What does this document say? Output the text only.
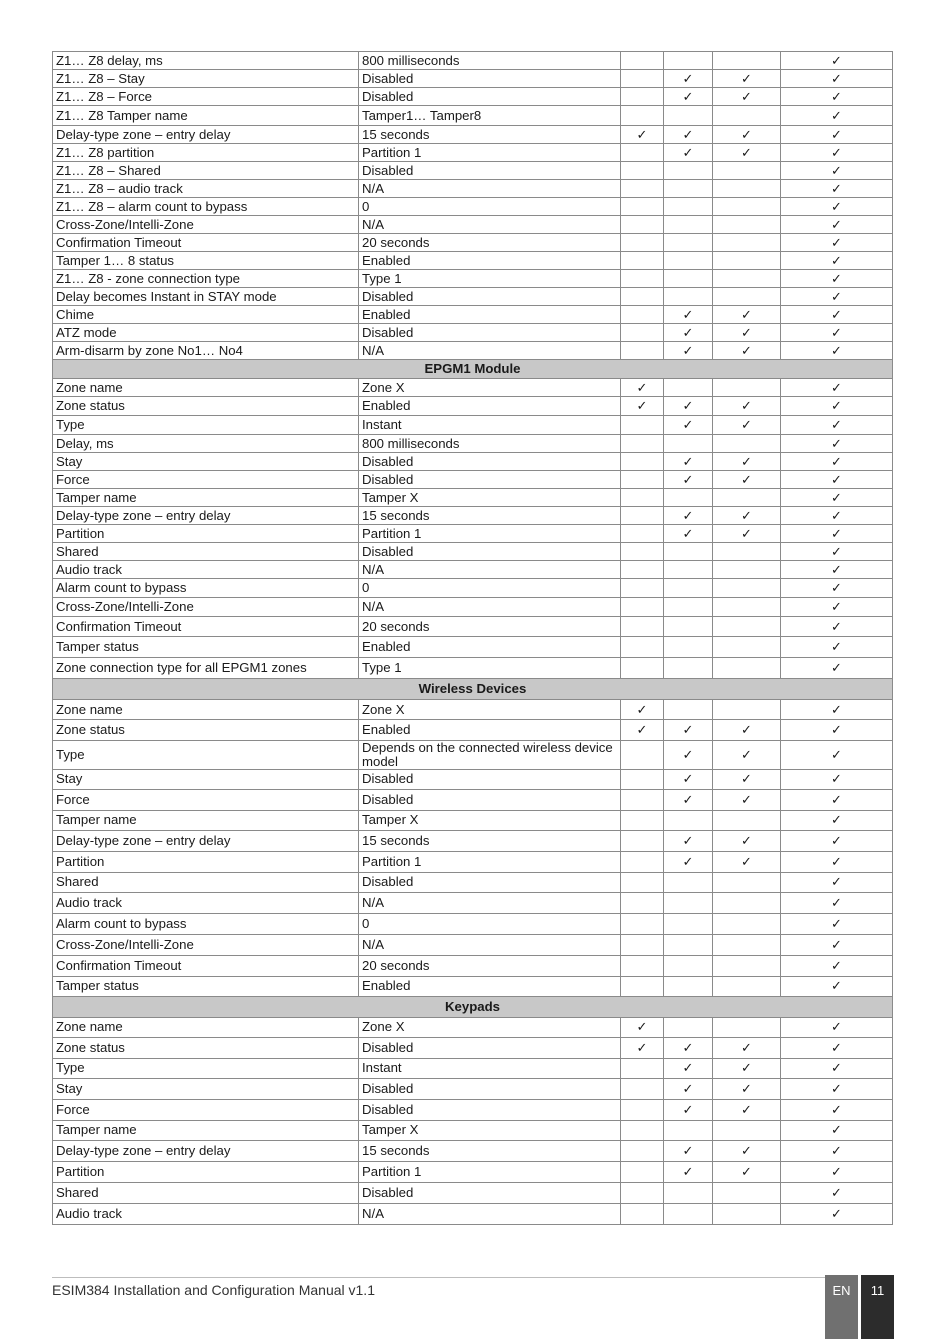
Z1… Z8 delay, ms	800 milliseconds				✓
Z1… Z8 – Stay	Disabled		✓	✓	✓
Z1… Z8 – Force	Disabled		✓	✓	✓
Z1… Z8 Tamper name	Tamper1… Tamper8				✓
Delay-type zone – entry delay	15 seconds	✓	✓	✓	✓
Z1… Z8 partition	Partition 1		✓	✓	✓
Z1… Z8 – Shared	Disabled				✓
Z1… Z8 – audio track	N/A				✓
Z1… Z8 – alarm count to bypass	0				✓
Cross-Zone/Intelli-Zone	N/A				✓
Confirmation Timeout	20 seconds				✓
Tamper 1… 8 status	Enabled				✓
Z1… Z8 - zone connection type	Type 1				✓
Delay becomes Instant in STAY mode	Disabled				✓
Chime	Enabled		✓	✓	✓
ATZ mode	Disabled		✓	✓	✓
Arm-disarm by zone No1… No4	N/A		✓	✓	✓
EPGM1 Module					
Zone name	Zone X	✓			✓
Zone status	Enabled	✓	✓	✓	✓
Type	Instant		✓	✓	✓
Delay, ms	800 milliseconds				✓
Stay	Disabled		✓	✓	✓
Force	Disabled		✓	✓	✓
Tamper name	Tamper X				✓
Delay-type zone – entry delay	15 seconds		✓	✓	✓
Partition	Partition 1		✓	✓	✓
Shared	Disabled				✓
Audio track	N/A				✓
Alarm count to bypass	0				✓
Cross-Zone/Intelli-Zone	N/A				✓
Confirmation Timeout	20 seconds				✓
Tamper status	Enabled				✓
Zone connection type for all EPGM1 zones	Type 1				✓
Wireless Devices					
Zone name	Zone X	✓			✓
Zone status	Enabled	✓	✓	✓	✓
Type	Depends on the connected wireless device model		✓	✓	✓
Stay	Disabled		✓	✓	✓
Force	Disabled		✓	✓	✓
Tamper name	Tamper X				✓
Delay-type zone – entry delay	15 seconds		✓	✓	✓
Partition	Partition 1		✓	✓	✓
Shared	Disabled				✓
Audio track	N/A				✓
Alarm count to bypass	0				✓
Cross-Zone/Intelli-Zone	N/A				✓
Confirmation Timeout	20 seconds				✓
Tamper status	Enabled				✓
Keypads					
Zone name	Zone X	✓			✓
Zone status	Disabled	✓	✓	✓	✓
Type	Instant		✓	✓	✓
Stay	Disabled		✓	✓	✓
Force	Disabled		✓	✓	✓
Tamper name	Tamper X				✓
Delay-type zone – entry delay	15 seconds		✓	✓	✓
Partition	Partition 1		✓	✓	✓
Shared	Disabled				✓
Audio track	N/A				✓
ESIM384 Installation and Configuration Manual v1.1	EN	11
